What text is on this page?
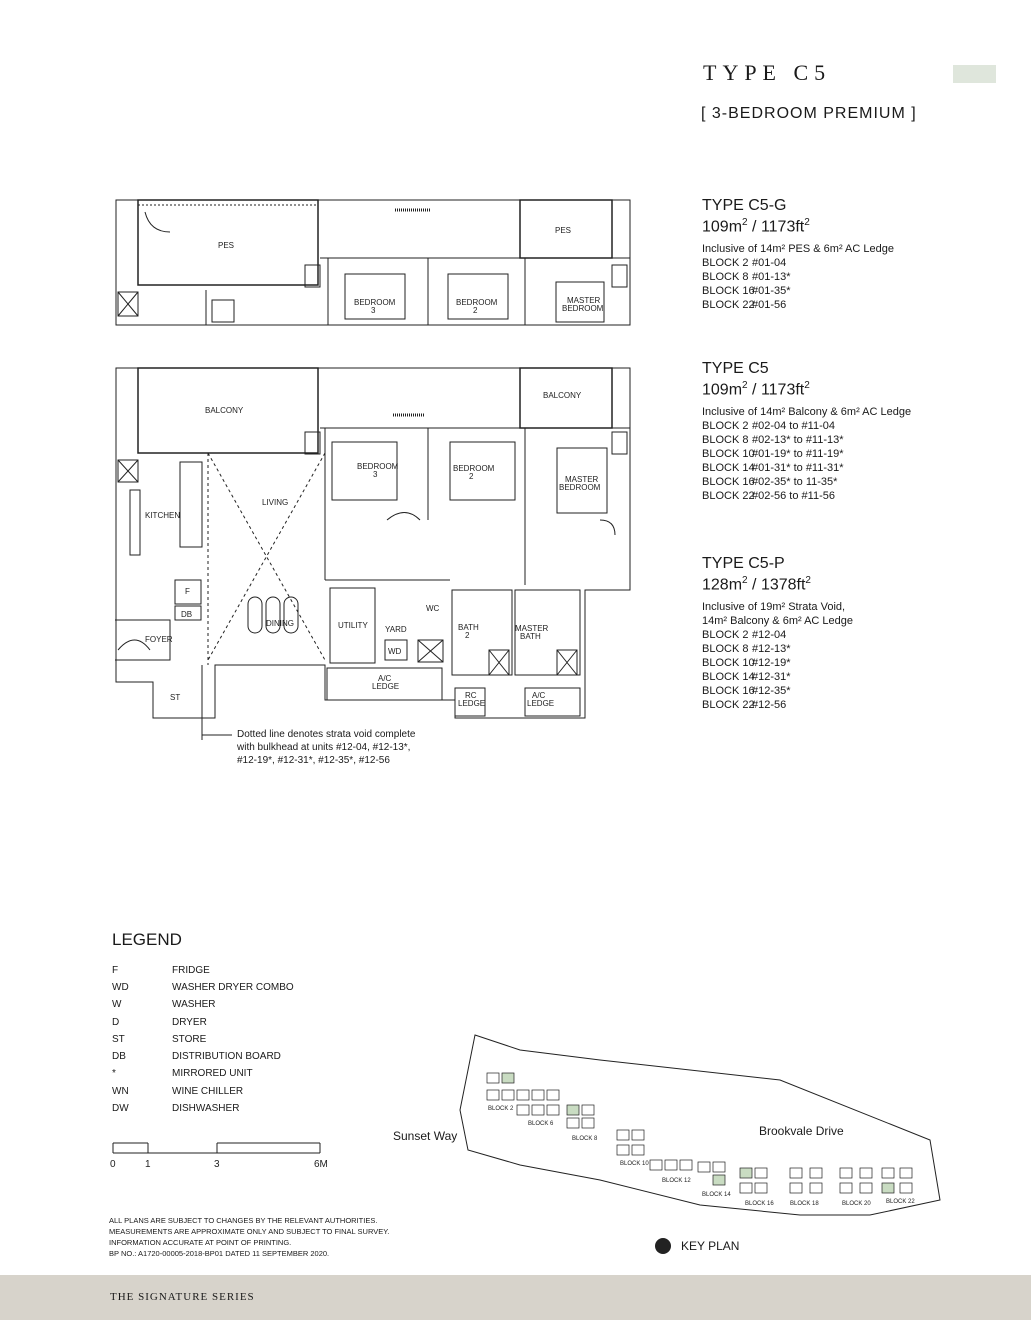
TYPE C5
[ 3-BEDROOM PREMIUM ]
TYPE C5-G
$109m^2 / 1173ft^2$
Inclusive of 14m² PES & 6m² AC Ledge
BLOCK 2 #01-04
BLOCK 8 #01-13*
BLOCK 16#01-35*
BLOCK 22#01-56
TYPE C5
$109m^2 / 1173ft^2$
Inclusive of 14m² Balcony & 6m² AC Ledge
BLOCK 2 #02-04 to #11-04
BLOCK 8 #02-13* to #11-13*
BLOCK 10#01-19* to #11-19*
BLOCK 14#01-31* to #11-31*
BLOCK 16#02-35* to 11-35*
BLOCK 22#02-56 to #11-56
TYPE C5-P
$128m^2 / 1378ft^2$
Inclusive of 19m² Strata Void,
14m² Balcony & 6m² AC Ledge
BLOCK 2 #12-04
BLOCK 8 #12-13*
BLOCK 10#12-19*
BLOCK 14#12-31*
BLOCK 16#12-35*
BLOCK 22#12-56
PES
PES
BEDROOM
3
BEDROOM
2
MASTER
BEDROOM
BALCONY
BALCONY
KITCHEN
LIVING
DINING
BEDROOM
3
BEDROOM
2	MASTER
BEDROOM
UTILITY YARD
WD
WC
BATH
2
MASTER
BATH
FOYER
ST
F
DB
A/C
LEDGE
RC
LEDGE
A/C
LEDGE
0	1	3	6M
BLOCK 2
BLOCK 6
BLOCK 8
BLOCK 10
BLOCK 12
BLOCK 14
BLOCK 16	BLOCK 18	BLOCK 20	BLOCK 22
Dotted line denotes strata void complete
with bulkhead at units #12-04, #12-13*,
#12-19*, #12-31*, #12-35*, #12-56
LEGEND
F	FRIDGE
WD	WASHER DRYER COMBO
W	WASHER
D	DRYER
ST	STORE
DB	DISTRIBUTION BOARD
*	MIRRORED UNIT
WN	WINE CHILLER
DW	DISHWASHER
Sunset Way	Brookvale Drive
KEY PLAN
ALL PLANS ARE SUBJECT TO CHANGES BY THE RELEVANT AUTHORITIES.
MEASUREMENTS ARE APPROXIMATE ONLY AND SUBJECT TO FINAL SURVEY.
INFORMATION ACCURATE AT POINT OF PRINTING.
BP NO.: A1720-00005-2018-BP01 DATED 11 SEPTEMBER 2020.
THE SIGNATURE SERIES
